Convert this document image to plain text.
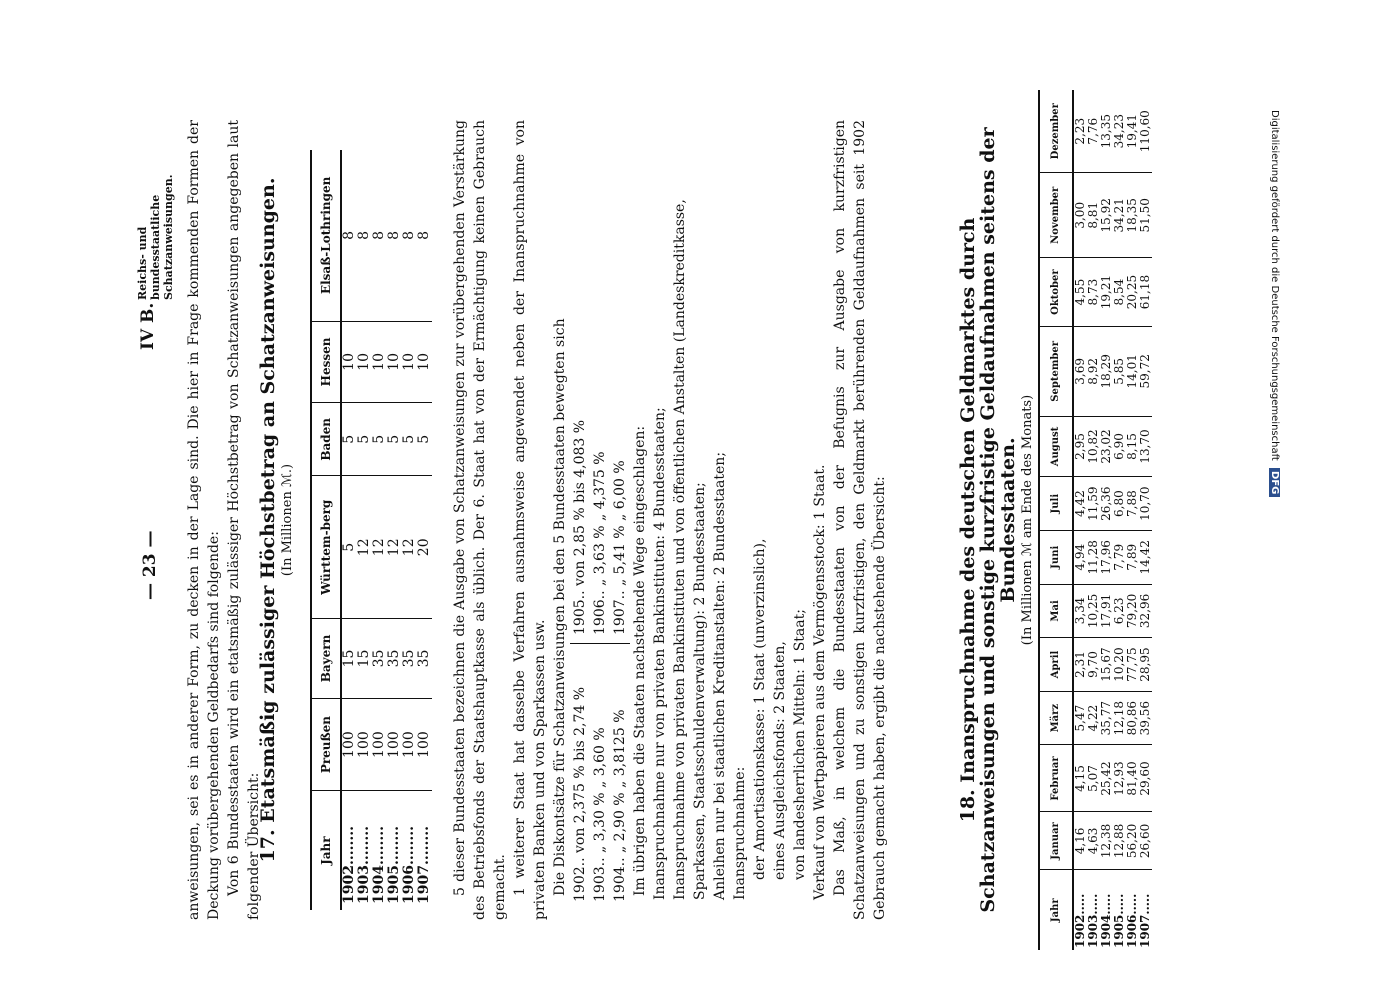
— 23 —
IV B.
Reichs- und bundesstaatliche Schatzanweisungen. anweisungen, sei es in anderer Form, zu decken in der Lage sind. Die hier in Frage kommenden Formen der Deckung vorübergehenden Geldbedarfs sind folgende: Von 6 Bundesstaaten wird ein etatsmäßig zulässiger Höchstbetrag von Schatzanweisungen angegeben laut folgender Übersicht:

17. Etatsmäßig zulässiger Höchstbetrag an Schatzanweisungen. (In Millionen ℳ.)
Jahr	Preußen	Bayern	Württem-berg	Baden	Hessen	Elsaß-Lothringen
1902........	100	15	5	5	10	8
1903........	100	15	12	5	10	8
1904........	100	35	12	5	10	8
1905........	100	35	12	5	10	8
1906........	100	35	12	5	10	8
1907........	100	35	20	5	10	8 5 dieser Bundesstaaten bezeichnen die Ausgabe von Schatzanweisungen zur vorübergehenden Verstärkung des Betriebsfonds der Staatshauptkasse als üblich. Der 6. Staat hat von der Ermächtigung keinen Gebrauch gemacht. 1 weiterer Staat hat dasselbe Verfahren ausnahmsweise angewendet neben der Inanspruchnahme von privaten Banken und von Sparkassen usw. Die Diskontsätze für Schatzanweisungen bei den 5 Bundesstaaten bewegten sich 1902.. von 2,375 % bis 2,74 % 1903.. „ 3,30 % „ 3,60 % 1904.. „ 2,90 % „ 3,8125 %
1905.. von 2,85 % bis 4,083 % 1906.. „ 3,63 % „ 4,375 % 1907.. „ 5,41 % „ 6,00 % Im übrigen haben die Staaten nachstehende Wege eingeschlagen: Inanspruchnahme nur von privaten Bankinstituten: 4 Bundesstaaten; Inanspruchnahme von privaten Bankinstituten und von öffentlichen Anstalten (Landeskreditkasse, Sparkassen, Staatsschuldenverwaltung): 2 Bundesstaaten; Anleihen nur bei staatlichen Kreditanstalten: 2 Bundesstaaten; Inanspruchnahme: der Amortisationskasse: 1 Staat (unverzinslich), eines Ausgleichsfonds: 2 Staaten, von landesherrlichen Mitteln: 1 Staat; Verkauf von Wertpapieren aus dem Vermögensstock: 1 Staat. Das Maß, in welchem die Bundesstaaten von der Befugnis zur Ausgabe von kurzfristigen Schatzanweisungen und zu sonstigen kurzfristigen, den Geldmarkt berührenden Geldaufnahmen seit 1902 Gebrauch gemacht haben, ergibt die nachstehende Übersicht:	18. Inanspruchnahme des deutschen Geldmarktes durch Schatzanweisungen und sonstige kurzfristige Geldaufnahmen seitens der Bundesstaaten. (In Millionen ℳ am Ende des Monats)
Jahr	Januar	Februar	März	April	Mai	Juni	Juli	August	September	Oktober	November	Dezember
1902.....	4,16	4,15	5,47	2,31	3,34	4,94	4,42	2,95	3,69	4,55	3,00	2,23
1903.....	4,63	5,07	4,22	9,70	10,25	11,28	11,59	10,82	8,92	8,73	8,81	7,76
1904.....	12,38	25,42	35,77	15,67	17,91	17,96	26,36	23,02	18,29	19,21	15,92	13,35
1905.....	12,88	12,93	12,18	10,20	6,23	7,79	6,80	6,90	5,85	8,54	34,21	34,23
1906.....	56,20	81,40	80,86	77,75	79,20	7,89	7,88	8,15	14,01	20,25	18,35	19,41
1907.....	26,60	29,60	39,56	28,95	32,96	14,42	10,70	13,70	59,72	61,18	51,50	110,60	Digitalisierung gefördert durch die Deutsche Forschungsgemeinschaft DFG
